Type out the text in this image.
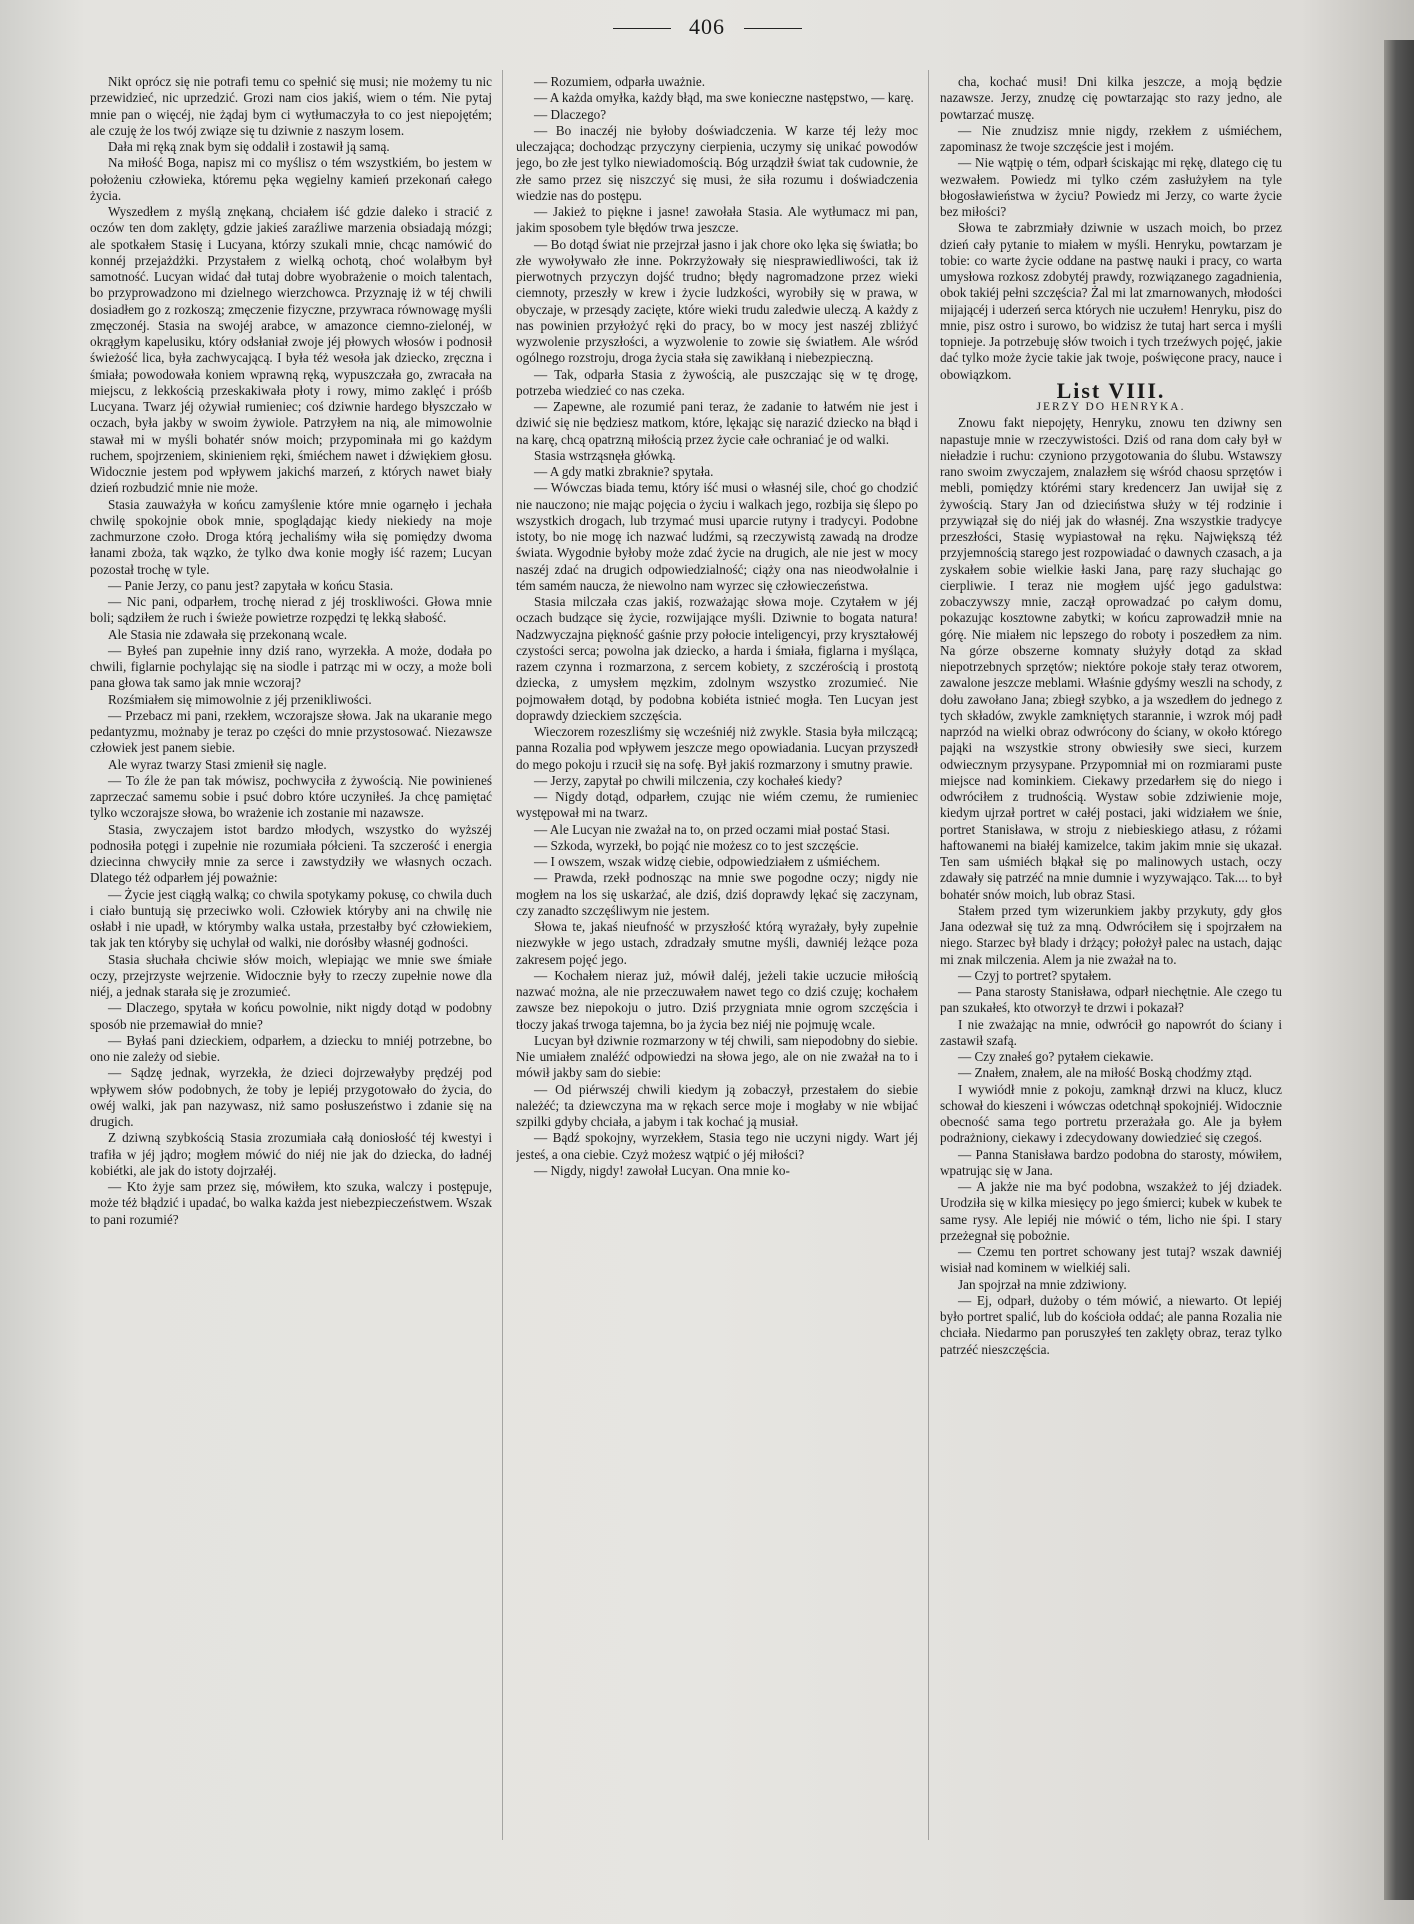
406

Nikt oprócz się nie potrafi temu co spełnić się musi; nie możemy tu nic przewidzieć, nic uprzedzić. Grozi nam cios jakiś, wiem o tém. Nie pytaj mnie pan o więcéj, nie żądaj bym ci wytłumaczyła to co jest niepojętém; ale czuję że los twój związe się tu dziwnie z naszym losem.

Dała mi ręką znak bym się oddalił i zostawił ją samą.

Na miłość Boga, napisz mi co myślisz o tém wszystkiém, bo jestem w położeniu człowieka, któremu pęka węgielny kamień przekonań całego życia.

Wyszedłem z myślą znękaną, chciałem iść gdzie daleko i stracić z oczów ten dom zaklęty, gdzie jakieś zaraźliwe marzenia obsiadają mózgi; ale spotkałem Stasię i Lucyana, którzy szukali mnie, chcąc namówić do konnéj przejażdżki. Przystałem z wielką ochotą, choć wolałbym był samotność. Lucyan widać dał tutaj dobre wyobrażenie o moich talentach, bo przyprowadzono mi dzielnego wierzchowca. Przyznaję iż w téj chwili dosiadłem go z rozkoszą; zmęczenie fizyczne, przywraca równowagę myśli zmęczonéj. Stasia na swojéj arabce, w amazonce ciemno-zielonéj, w okrągłym kapelusiku, który odsłaniał zwoje jéj płowych włosów i podnosił świeżość lica, była zachwycającą. I była téż wesoła jak dziecko, zręczna i śmiała; powodowała koniem wprawną ręką, wypuszczała go, zwracała na miejscu, z lekkością przeskakiwała płoty i rowy, mimo zaklęć i próśb Lucyana. Twarz jéj ożywiał rumieniec; coś dziwnie hardego błyszczało w oczach, była jakby w swoim żywiole. Patrzyłem na nią, ale mimowolnie stawał mi w myśli bohatér snów moich; przypominała mi go każdym ruchem, spojrzeniem, skinieniem ręki, śmiéchem nawet i dźwiękiem głosu. Widocznie jestem pod wpływem jakichś marzeń, z których nawet biały dzień rozbudzić mnie nie może.

Stasia zauważyła w końcu zamyślenie które mnie ogarnęło i jechała chwilę spokojnie obok mnie, spoglądając kiedy niekiedy na moje zachmurzone czoło. Droga którą jechaliśmy wiła się pomiędzy dwoma łanami zboża, tak wązko, że tylko dwa konie mogły iść razem; Lucyan pozostał trochę w tyle.

— Panie Jerzy, co panu jest? zapytała w końcu Stasia.

— Nic pani, odparłem, trochę nierad z jéj troskliwości. Głowa mnie boli; sądziłem że ruch i świeże powietrze rozpędzi tę lekką słabość.

Ale Stasia nie zdawała się przekonaną wcale.

— Byłeś pan zupełnie inny dziś rano, wyrzekła. A może, dodała po chwili, figlarnie pochylając się na siodle i patrząc mi w oczy, a może boli pana głowa tak samo jak mnie wczoraj?

Rozśmiałem się mimowolnie z jéj przenikliwości.

— Przebacz mi pani, rzekłem, wczorajsze słowa. Jak na ukaranie mego pedantyzmu, możnaby je teraz po części do mnie przystosować. Niezawsze człowiek jest panem siebie.

Ale wyraz twarzy Stasi zmienił się nagle.

— To źle że pan tak mówisz, pochwyciła z żywością. Nie powinieneś zaprzeczać samemu sobie i psuć dobro które uczyniłeś. Ja chcę pamiętać tylko wczorajsze słowa, bo wrażenie ich zostanie mi nazawsze.

Stasia, zwyczajem istot bardzo młodych, wszystko do wyższéj podnosiła potęgi i zupełnie nie rozumiała półcieni. Ta szczerość i energia dziecinna chwyciły mnie za serce i zawstydziły we własnych oczach. Dlatego téż odparłem jéj poważnie:

— Życie jest ciągłą walką; co chwila spotykamy pokusę, co chwila duch i ciało buntują się przeciwko woli. Człowiek któryby ani na chwilę nie osłabł i nie upadł, w którymby walka ustała, przestałby być człowiekiem, tak jak ten któryby się uchylał od walki, nie dorósłby własnéj godności.

Stasia słuchała chciwie słów moich, wlepiając we mnie swe śmiałe oczy, przejrzyste wejrzenie. Widocznie były to rzeczy zupełnie nowe dla niéj, a jednak starała się je zrozumieć.

— Dlaczego, spytała w końcu powolnie, nikt nigdy dotąd w podobny sposób nie przemawiał do mnie?

— Byłaś pani dzieckiem, odparłem, a dziecku to mniéj potrzebne, bo ono nie zależy od siebie.

— Sądzę jednak, wyrzekła, że dzieci dojrzewałyby prędzéj pod wpływem słów podobnych, że toby je lepiéj przygotowało do życia, do owéj walki, jak pan nazywasz, niż samo posłuszeństwo i zdanie się na drugich.

Z dziwną szybkością Stasia zrozumiała całą doniosłość téj kwestyi i trafiła w jéj jądro; mogłem mówić do niéj nie jak do dziecka, do ładnéj kobiétki, ale jak do istoty dojrzałéj.

— Kto żyje sam przez się, mówiłem, kto szuka, walczy i postępuje, może téż błądzić i upadać, bo walka każda jest niebezpieczeństwem. Wszak to pani rozumié?

— Rozumiem, odparła uważnie.

— A każda omyłka, każdy błąd, ma swe konieczne następstwo, — karę.

— Dlaczego?

— Bo inaczéj nie byłoby doświadczenia. W karze téj leży moc uleczająca; dochodząc przyczyny cierpienia, uczymy się unikać powodów jego, bo złe jest tylko niewiadomością. Bóg urządził świat tak cudownie, że złe samo przez się niszczyć się musi, że siła rozumu i doświadczenia wiedzie nas do postępu.

— Jakież to piękne i jasne! zawołała Stasia. Ale wytłumacz mi pan, jakim sposobem tyle błędów trwa jeszcze.

— Bo dotąd świat nie przejrzał jasno i jak chore oko lęka się światła; bo złe wywoływało złe inne. Pokrzyżowały się niesprawiedliwości, tak iż pierwotnych przyczyn dojść trudno; błędy nagromadzone przez wieki ciemnoty, przeszły w krew i życie ludzkości, wyrobiły się w prawa, w obyczaje, w przesądy zacięte, które wieki trudu zaledwie uleczą. A każdy z nas powinien przyłożyć ręki do pracy, bo w mocy jest naszéj zbliżyć wyzwolenie przyszłości, a wyzwolenie to zowie się światłem. Ale wśród ogólnego rozstroju, droga życia stała się zawikłaną i niebezpieczną.

— Tak, odparła Stasia z żywością, ale puszczając się w tę drogę, potrzeba wiedzieć co nas czeka.

— Zapewne, ale rozumié pani teraz, że zadanie to łatwém nie jest i dziwić się nie będziesz matkom, które, lękając się narazić dziecko na błąd i na karę, chcą opatrzną miłością przez życie całe ochraniać je od walki.

Stasia wstrząsnęła główką.

— A gdy matki zbraknie? spytała.

— Wówczas biada temu, który iść musi o własnéj sile, choć go chodzić nie nauczono; nie mając pojęcia o życiu i walkach jego, rozbija się ślepo po wszystkich drogach, lub trzymać musi uparcie rutyny i tradycyi. Podobne istoty, bo nie mogę ich nazwać ludźmi, są rzeczywistą zawadą na drodze świata. Wygodnie byłoby może zdać życie na drugich, ale nie jest w mocy naszéj zdać na drugich odpowiedzialność; ciąży ona nas nieodwołalnie i tém samém naucza, że niewolno nam wyrzec się człowieczeństwa.

Stasia milczała czas jakiś, rozważając słowa moje. Czytałem w jéj oczach budzące się życie, rozwijające myśli. Dziwnie to bogata natura! Nadzwyczajna piękność gaśnie przy połocie inteligencyi, przy kryształowéj czystości serca; powolna jak dziecko, a harda i śmiała, figlarna i myśląca, razem czynna i rozmarzona, z sercem kobiety, z szczérością i prostotą dziecka, z umysłem męzkim, zdolnym wszystko zrozumieć. Nie pojmowałem dotąd, by podobna kobiéta istnieć mogła. Ten Lucyan jest doprawdy dzieckiem szczęścia.

Wieczorem rozeszliśmy się wcześniéj niż zwykle. Stasia była milczącą; panna Rozalia pod wpływem jeszcze mego opowiadania. Lucyan przyszedł do mego pokoju i rzucił się na sofę. Był jakiś rozmarzony i smutny prawie.

— Jerzy, zapytał po chwili milczenia, czy kochałeś kiedy?

— Nigdy dotąd, odparłem, czując nie wiém czemu, że rumieniec występował mi na twarz.

— Ale Lucyan nie zważał na to, on przed oczami miał postać Stasi.

— Szkoda, wyrzekł, bo pojąć nie możesz co to jest szczęście.

— I owszem, wszak widzę ciebie, odpowiedziałem z uśmiéchem.

— Prawda, rzekł podnosząc na mnie swe pogodne oczy; nigdy nie mogłem na los się uskarżać, ale dziś, dziś doprawdy lękać się zaczynam, czy zanadto szczęśliwym nie jestem.

Słowa te, jakaś nieufność w przyszłość którą wyrażały, były zupełnie niezwykłe w jego ustach, zdradzały smutne myśli, dawniéj leżące poza zakresem pojęć jego.

— Kochałem nieraz już, mówił daléj, jeżeli takie uczucie miłością nazwać można, ale nie przeczuwałem nawet tego co dziś czuję; kochałem zawsze bez niepokoju o jutro. Dziś przygniata mnie ogrom szczęścia i tłoczy jakaś trwoga tajemna, bo ja życia bez niéj nie pojmuję wcale.

Lucyan był dziwnie rozmarzony w téj chwili, sam niepodobny do siebie. Nie umiałem znaléźć odpowiedzi na słowa jego, ale on nie zważał na to i mówił jakby sam do siebie:

— Od piérwszéj chwili kiedym ją zobaczył, przestałem do siebie należéć; ta dziewczyna ma w rękach serce moje i mogłaby w nie wbijać szpilki gdyby chciała, a jabym i tak kochać ją musiał.

— Bądź spokojny, wyrzekłem, Stasia tego nie uczyni nigdy. Wart jéj jesteś, a ona ciebie. Czyż możesz wątpić o jéj miłości?

— Nigdy, nigdy! zawołał Lucyan. Ona mnie ko-

cha, kochać musi! Dni kilka jeszcze, a moją będzie nazawsze. Jerzy, znudzę cię powtarzając sto razy jedno, ale powtarzać muszę.

— Nie znudzisz mnie nigdy, rzekłem z uśmiéchem, zapominasz że twoje szczęście jest i mojém.

— Nie wątpię o tém, odparł ściskając mi rękę, dlatego cię tu wezwałem. Powiedz mi tylko czém zasłużyłem na tyle błogosławieństwa w życiu? Powiedz mi Jerzy, co warte życie bez miłości?

Słowa te zabrzmiały dziwnie w uszach moich, bo przez dzień cały pytanie to miałem w myśli. Henryku, powtarzam je tobie: co warte życie oddane na pastwę nauki i pracy, co warta umysłowa rozkosz zdobytéj prawdy, rozwiązanego zagadnienia, obok takiéj pełni szczęścia? Żal mi lat zmarnowanych, młodości mijającéj i uderzeń serca których nie uczułem! Henryku, pisz do mnie, pisz ostro i surowo, bo widzisz że tutaj hart serca i myśli topnieje. Ja potrzebuję słów twoich i tych trzeźwych pojęć, jakie dać tylko może życie takie jak twoje, poświęcone pracy, nauce i obowiązkom.

List VIII.

JERZY DO HENRYKA.

Znowu fakt niepojęty, Henryku, znowu ten dziwny sen napastuje mnie w rzeczywistości. Dziś od rana dom cały był w nieładzie i ruchu: czyniono przygotowania do ślubu. Wstawszy rano swoim zwyczajem, znalazłem się wśród chaosu sprzętów i mebli, pomiędzy którémi stary kredencerz Jan uwijał się z żywością. Stary Jan od dzieciństwa służy w téj rodzinie i przywiązał się do niéj jak do własnéj. Zna wszystkie tradycye przeszłości, Stasię wypiastował na ręku. Największą téż przyjemnością starego jest rozpowiadać o dawnych czasach, a ja zyskałem sobie wielkie łaski Jana, parę razy słuchając go cierpliwie. I teraz nie mogłem ujść jego gadulstwa: zobaczywszy mnie, zaczął oprowadzać po całym domu, pokazując kosztowne zabytki; w końcu zaprowadził mnie na górę. Nie miałem nic lepszego do roboty i poszedłem za nim. Na górze obszerne komnaty służyły dotąd za skład niepotrzebnych sprzętów; niektóre pokoje stały teraz otworem, zawalone jeszcze meblami. Właśnie gdyśmy weszli na schody, z dołu zawołano Jana; zbiegł szybko, a ja wszedłem do jednego z tych składów, zwykle zamkniętych starannie, i wzrok mój padł naprzód na wielki obraz odwrócony do ściany, w około którego pająki na wszystkie strony obwiesiły swe sieci, kurzem odwiecznym przysypane. Przypomniał mi on rozmiarami puste miejsce nad kominkiem. Ciekawy przedarłem się do niego i odwróciłem z trudnością. Wystaw sobie zdziwienie moje, kiedym ujrzał portret w całéj postaci, jaki widziałem we śnie, portret Stanisława, w stroju z niebieskiego atłasu, z różami haftowanemi na białéj kamizelce, takim jakim mnie się ukazał. Ten sam uśmiéch błąkał się po malinowych ustach, oczy zdawały się patrzéć na mnie dumnie i wyzywająco. Tak.... to był bohatér snów moich, lub obraz Stasi.

Stałem przed tym wizerunkiem jakby przykuty, gdy głos Jana odezwał się tuż za mną. Odwróciłem się i spojrzałem na niego. Starzec był blady i drżący; położył palec na ustach, dając mi znak milczenia. Alem ja nie zważał na to.

— Czyj to portret? spytałem.

— Pana starosty Stanisława, odparł niechętnie. Ale czego tu pan szukałeś, kto otworzył te drzwi i pokazał?

I nie zważając na mnie, odwrócił go napowrót do ściany i zastawił szafą.

— Czy znałeś go? pytałem ciekawie.

— Znałem, znałem, ale na miłość Boską chodźmy ztąd.

I wywiódł mnie z pokoju, zamknął drzwi na klucz, klucz schował do kieszeni i wówczas odetchnął spokojniéj. Widocznie obecność sama tego portretu przerażała go. Ale ja byłem podrażniony, ciekawy i zdecydowany dowiedzieć się czegoś.

— Panna Stanisława bardzo podobna do starosty, mówiłem, wpatrując się w Jana.

— A jakże nie ma być podobna, wszakżeż to jéj dziadek. Urodziła się w kilka miesięcy po jego śmierci; kubek w kubek te same rysy. Ale lepiéj nie mówić o tém, licho nie śpi. I stary przeżegnał się pobożnie.

— Czemu ten portret schowany jest tutaj? wszak dawniéj wisiał nad kominem w wielkiéj sali.

Jan spojrzał na mnie zdziwiony.

— Ej, odparł, dużoby o tém mówić, a niewarto. Ot lepiéj było portret spalić, lub do kościoła oddać; ale panna Rozalia nie chciała. Niedarmo pan poruszyłeś ten zaklęty obraz, teraz tylko patrzéć nieszczęścia.
